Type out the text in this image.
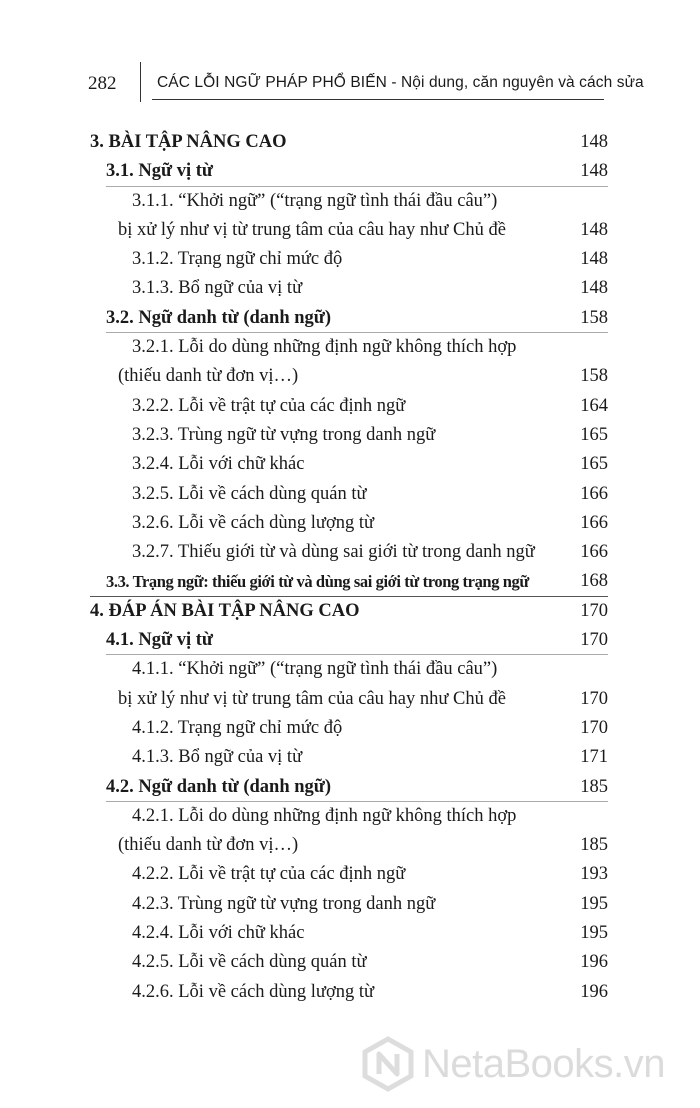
282	CÁC LỖI NGỮ PHÁP PHỔ BIẾN - Nội dung, căn nguyên và cách sửa
3. BÀI TẬP NÂNG CAO	148
3.1. Ngữ vị từ	148
3.1.1. “Khởi ngữ” (“trạng ngữ tình thái đầu câu”)
bị xử lý như vị từ trung tâm của câu hay như Chủ đề	148
3.1.2. Trạng ngữ chỉ mức độ	148
3.1.3. Bổ ngữ của vị từ	148
3.2. Ngữ danh từ (danh ngữ)	158
3.2.1. Lỗi do dùng những định ngữ không thích hợp
(thiếu danh từ đơn vị…)	158
3.2.2. Lỗi về trật tự của các định ngữ	164
3.2.3. Trùng ngữ từ vựng trong danh ngữ	165
3.2.4. Lỗi với chữ khác	165
3.2.5. Lỗi về cách dùng quán từ	166
3.2.6. Lỗi về cách dùng lượng từ	166
3.2.7. Thiếu giới từ và dùng sai giới từ trong danh ngữ 166
3.3. Trạng ngữ: thiếu giới từ và dùng sai giới từ trong trạng ngữ	168
4. ĐÁP ÁN BÀI TẬP NÂNG CAO	170
4.1. Ngữ vị từ	170
4.1.1. “Khởi ngữ” (“trạng ngữ tình thái đầu câu”)
bị xử lý như vị từ trung tâm của câu hay như Chủ đề	170
4.1.2. Trạng ngữ chỉ mức độ	170
4.1.3. Bổ ngữ của vị từ	171
4.2. Ngữ danh từ (danh ngữ)	185
4.2.1. Lỗi do dùng những định ngữ không thích hợp
(thiếu danh từ đơn vị…)	185
4.2.2. Lỗi về trật tự của các định ngữ	193
4.2.3. Trùng ngữ từ vựng trong danh ngữ	195
4.2.4. Lỗi với chữ khác	195
4.2.5. Lỗi về cách dùng quán từ	196
4.2.6. Lỗi về cách dùng lượng từ	196
NetaBooks.vn
